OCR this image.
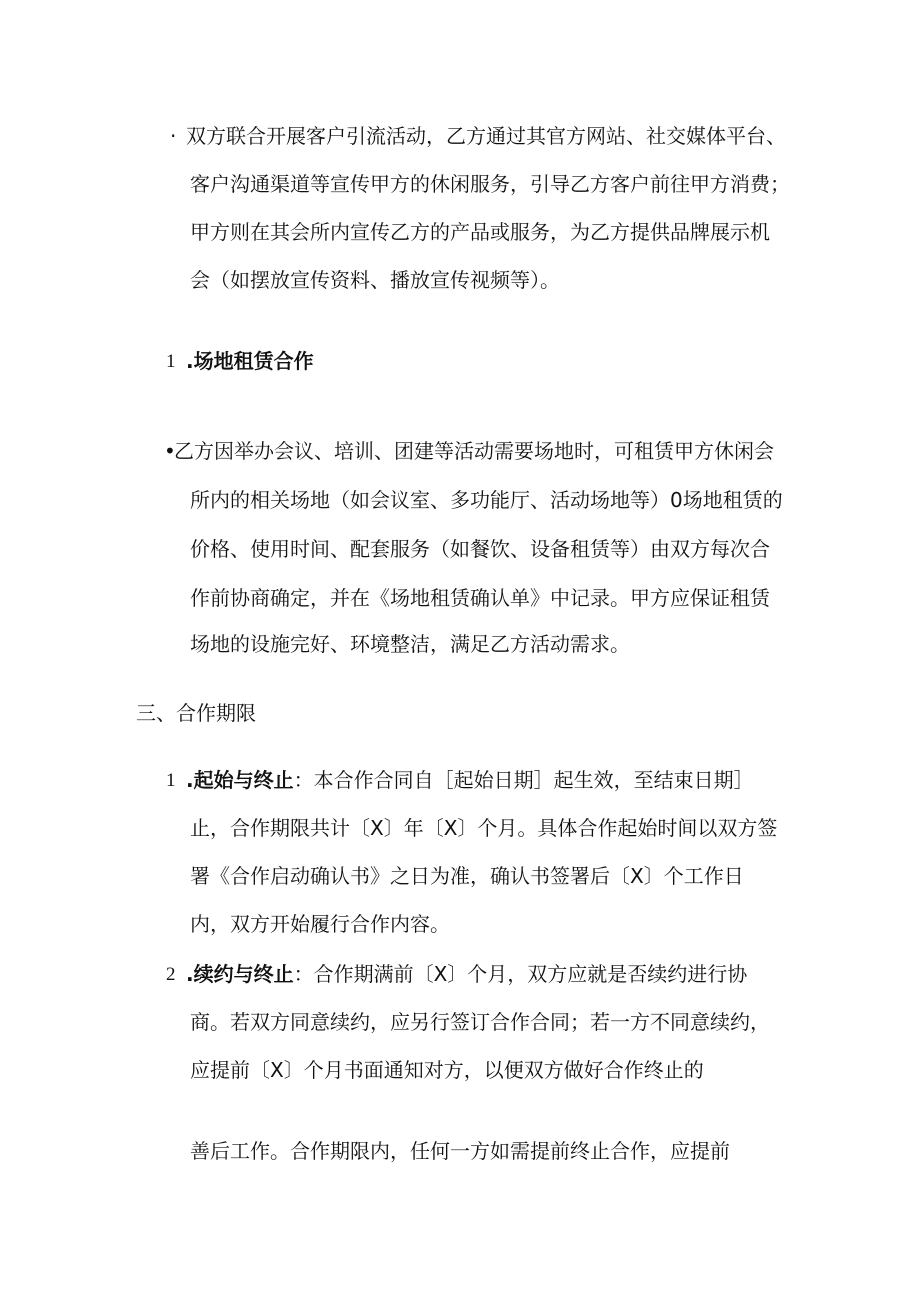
· 双方联合开展客户引流活动，乙方通过其官方网站、社交媒体平台、
客户沟通渠道等宣传甲方的休闲服务，引导乙方客户前往甲方消费；
甲方则在其会所内宣传乙方的产品或服务，为乙方提供品牌展示机
会（如摆放宣传资料、播放宣传视频等）。
1 .场地租赁合作
•
乙方因举办会议、培训、团建等活动需要场地时，可租赁甲方休闲会
所内的相关场地（如会议室、多功能厅、活动场地等）0场地租赁的
价格、使用时间、配套服务（如餐饮、设备租赁等）由双方每次合
作前协商确定，并在《场地租赁确认单》中记录。甲方应保证租赁
场地的设施完好、环境整洁，满足乙方活动需求。
三、合作期限
1 .起始与终止：本合作合同自［起始日期］起生效，至结束日期］
止，合作期限共计〔X〕年〔X〕个月。具体合作起始时间以双方签
署《合作启动确认书》之日为准，确认书签署后〔X〕个工作日
内，双方开始履行合作内容。
2 .续约与终止：合作期满前〔X〕个月，双方应就是否续约进行协
商。若双方同意续约，应另行签订合作合同；若一方不同意续约，
应提前〔X〕个月书面通知对方，以便双方做好合作终止的
善后工作。合作期限内，任何一方如需提前终止合作，应提前
